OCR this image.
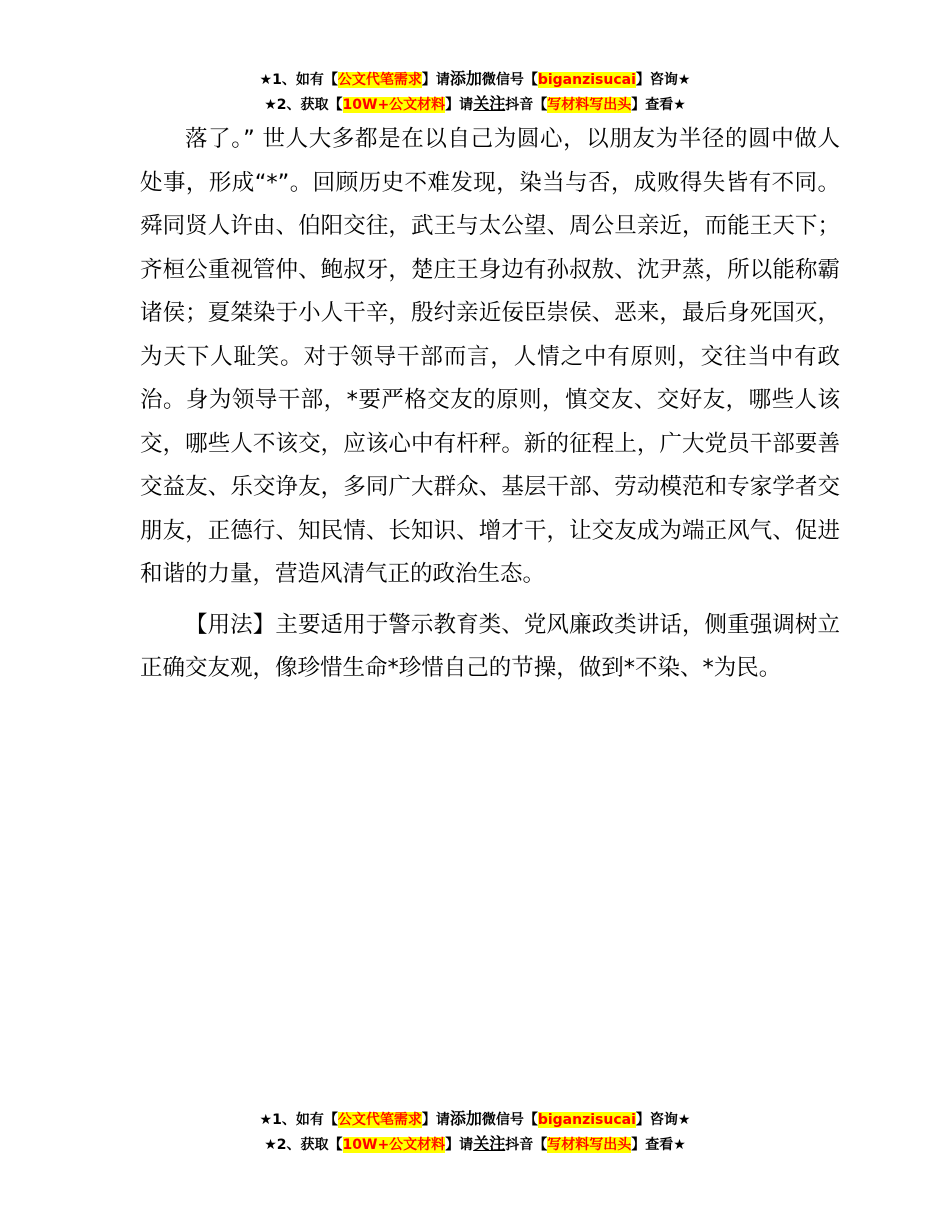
★1、如有【公文代笔需求】请添加微信号【biganzisucai】咨询★
★2、获取【10W+公文材料】请关注抖音【写材料写出头】查看★

落了。” 世人大多都是在以自己为圆心，以朋友为半径的圆中做人处事，形成“*”。回顾历史不难发现，染当与否，成败得失皆有不同。舜同贤人许由、伯阳交往，武王与太公望、周公旦亲近，而能王天下；齐桓公重视管仲、鲍叔牙，楚庄王身边有孙叔敖、沈尹蒸，所以能称霸诸侯；夏桀染于小人干辛，殷纣亲近佞臣崇侯、恶来，最后身死国灭，为天下人耻笑。对于领导干部而言，人情之中有原则，交往当中有政治。身为领导干部，*要严格交友的原则，慎交友、交好友，哪些人该交，哪些人不该交，应该心中有杆秤。新的征程上，广大党员干部要善交益友、乐交诤友，多同广大群众、基层干部、劳动模范和专家学者交朋友，正德行、知民情、长知识、增才干，让交友成为端正风气、促进和谐的力量，营造风清气正的政治生态。

【用法】主要适用于警示教育类、党风廉政类讲话，侧重强调树立正确交友观，像珍惜生命*珍惜自己的节操，做到*不染、*为民。

★1、如有【公文代笔需求】请添加微信号【biganzisucai】咨询★
★2、获取【10W+公文材料】请关注抖音【写材料写出头】查看★
